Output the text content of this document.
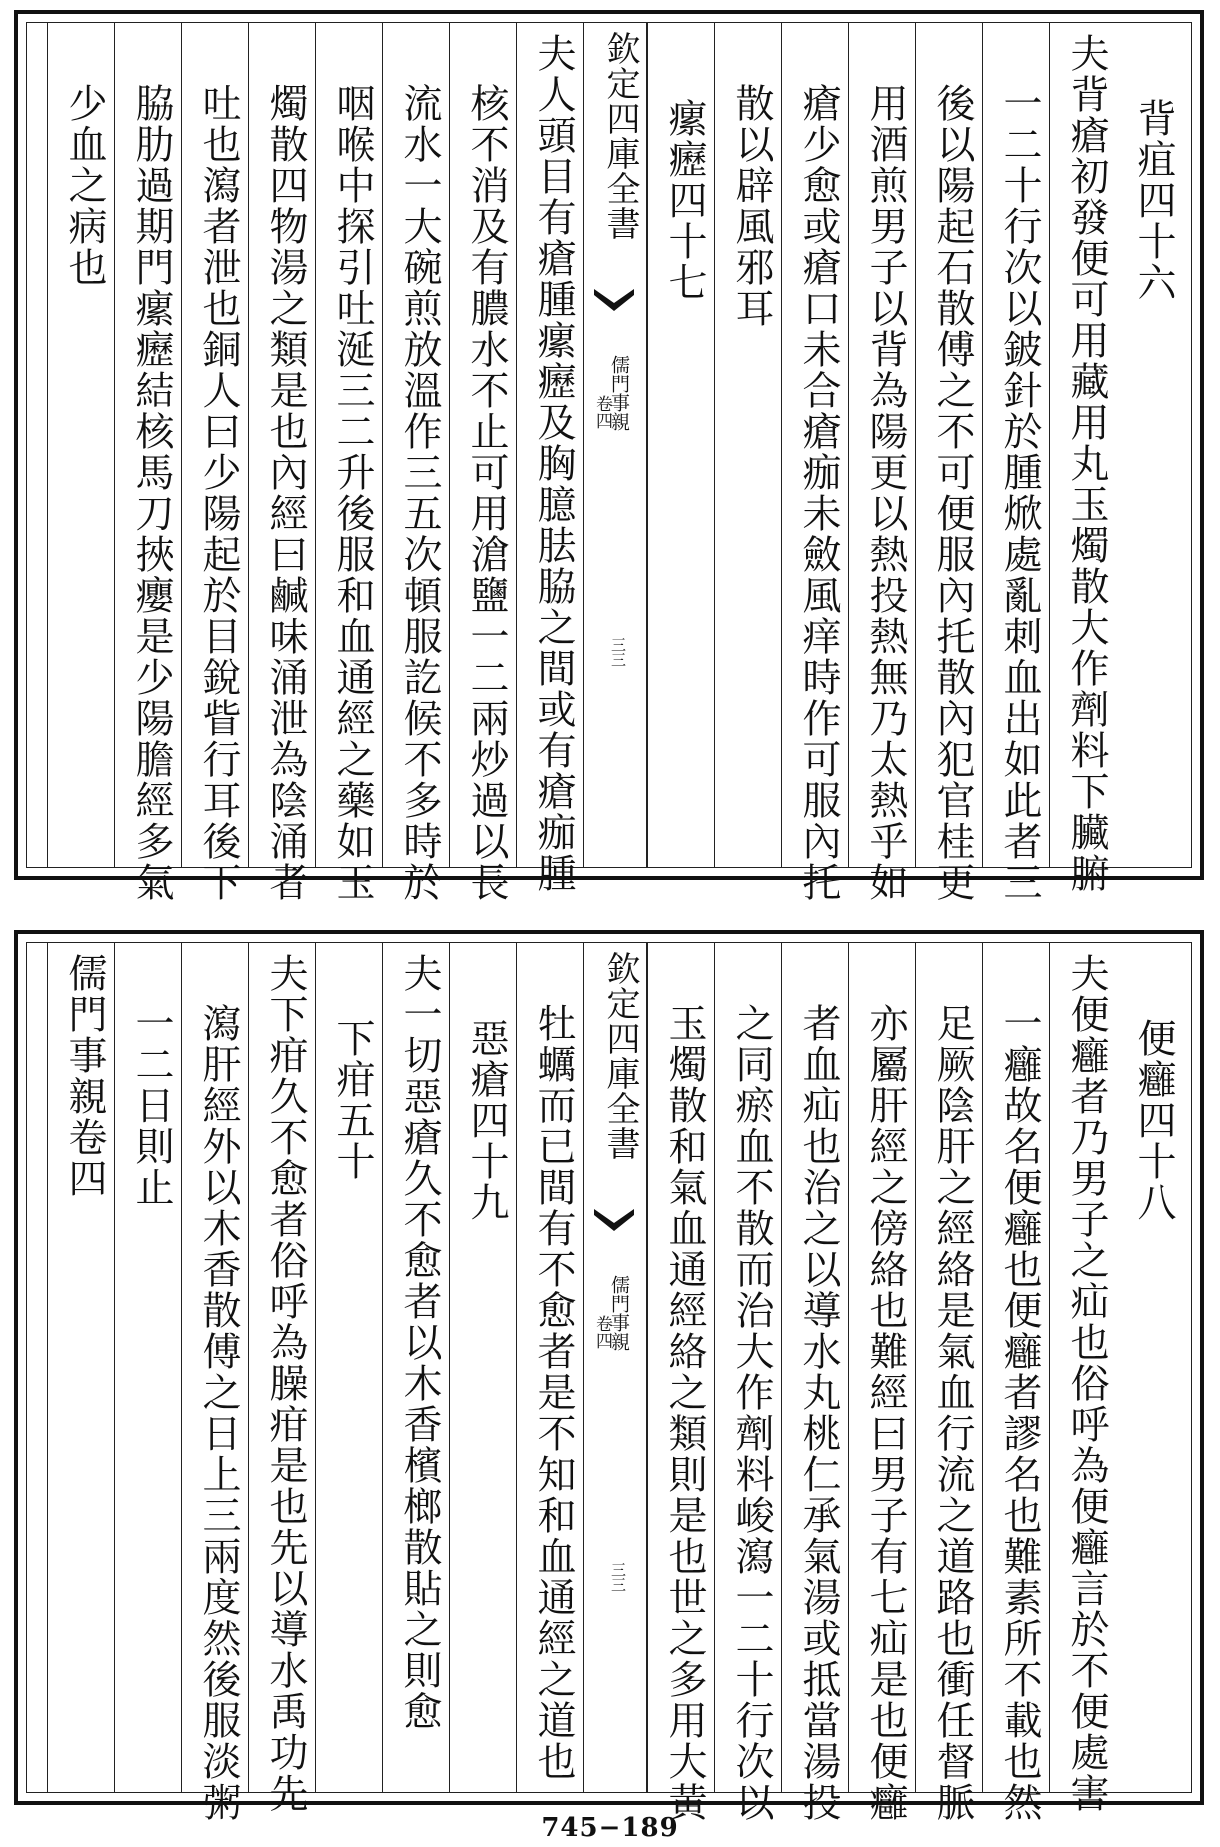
背疽四十六
夫背瘡初發便可用藏用丸玉燭散大作劑料下臟腑
一二十行次以鈹針於腫焮處亂刺血出如此者三
後以陽起石散傅之不可便服內托散內犯官桂更
用酒煎男子以背為陽更以熱投熱無乃太熱乎如
瘡少愈或瘡口未合瘡痂未斂風痒時作可服內托
散以辟風邪耳
瘰癧四十七
欽定四庫全書
儒門事親
卷四
三三
夫人頭目有瘡腫瘰癧及胸臆胠脇之間或有瘡痂腫
核不消及有膿水不止可用滄鹽一二兩炒過以長
流水一大碗煎放溫作三五次頓服訖候不多時於
咽喉中探引吐涎三二升後服和血通經之藥如玉
燭散四物湯之類是也內經曰鹹味涌泄為陰涌者
吐也瀉者泄也銅人曰少陽起於目銳眥行耳後下
脇肋過期門瘰癧結核馬刀挾癭是少陽膽經多氣
少血之病也
便癰四十八
夫便癰者乃男子之疝也俗呼為便癰言於不便處害
一癰故名便癰也便癰者謬名也難素所不載也然
足厥陰肝之經絡是氣血行流之道路也衝任督脈
亦屬肝經之傍絡也難經曰男子有七疝是也便癰
者血疝也治之以導水丸桃仁承氣湯或抵當湯投
之同瘀血不散而治大作劑料峻瀉一二十行次以
玉燭散和氣血通經絡之類則是也世之多用大黃
欽定四庫全書
儒門事親
卷四
三三
牡蠣而已間有不愈者是不知和血通經之道也
惡瘡四十九
夫一切惡瘡久不愈者以木香檳榔散貼之則愈
下疳五十
夫下疳久不愈者俗呼為臊疳是也先以導水禹功先
瀉肝經外以木香散傅之日上三兩度然後服淡粥
一二日則止
儒門事親卷四
745−189
